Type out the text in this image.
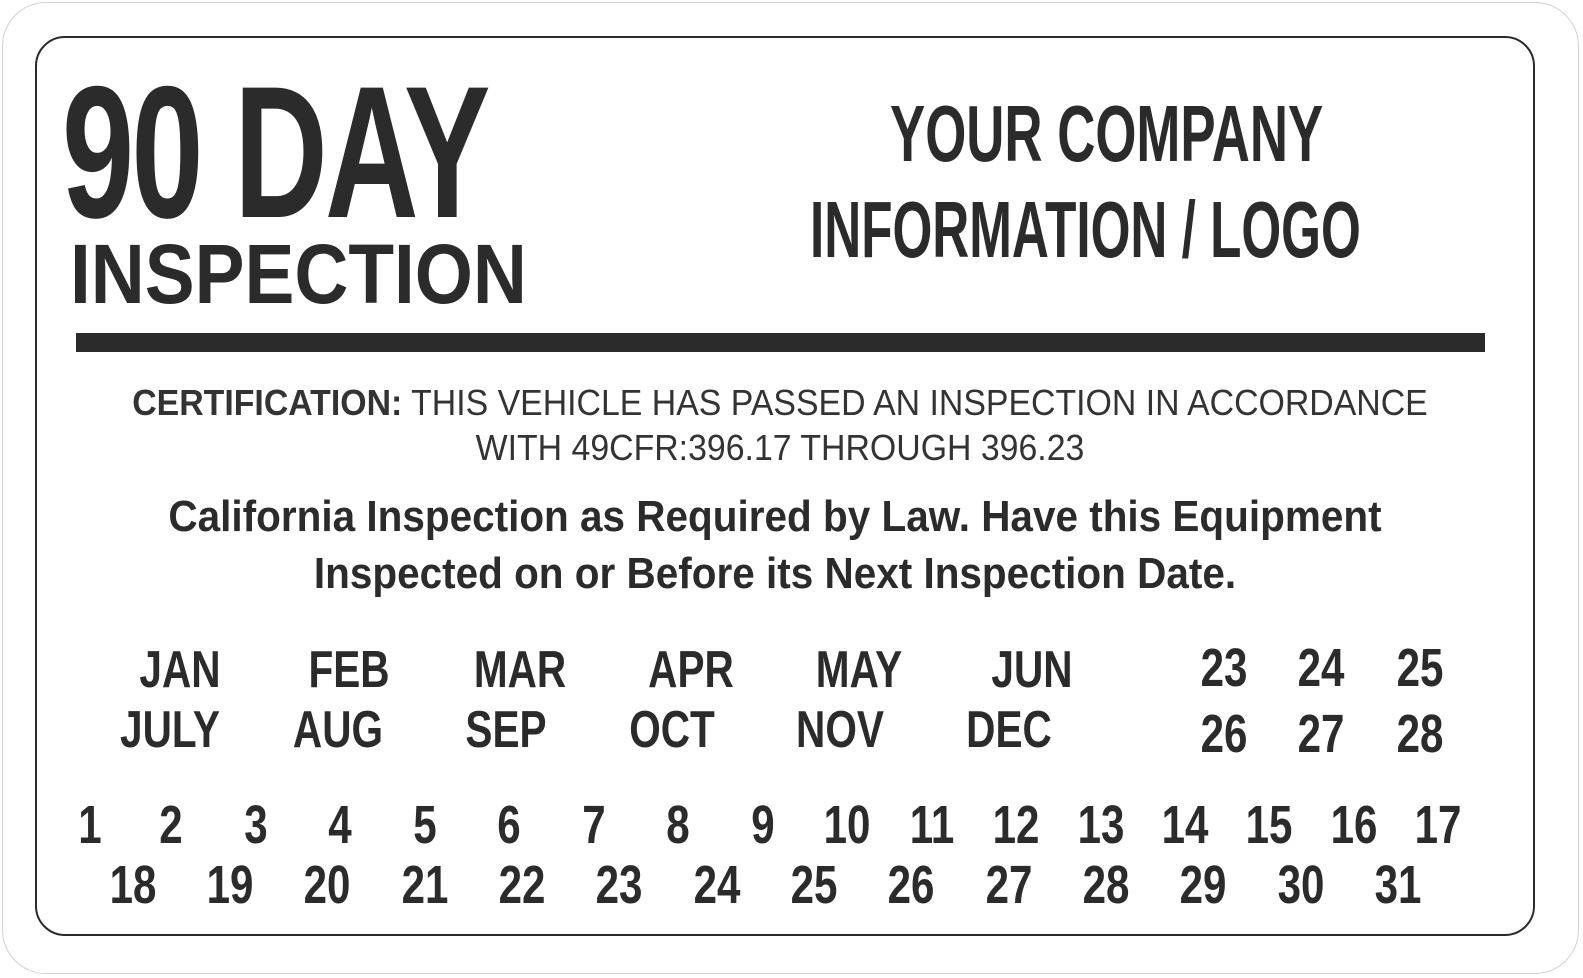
90 DAY
INSPECTION
YOUR COMPANY
INFORMATION / LOGO
CERTIFICATION: THIS VEHICLE HAS PASSED AN INSPECTION IN ACCORDANCE
WITH 49CFR:396.17 THROUGH 396.23
California Inspection as Required by Law. Have this Equipment
Inspected on or Before its Next Inspection Date.
JAN FEB MAR APR MAY JUN
JULY AUG SEP OCT NOV DEC
23 24 25
26 27 28
1 2 3 4 5 6 7 8 9 10 11 12 13 14 15 16 17
18 19 20 21 22 23 24 25 26 27 28 29 30 31
